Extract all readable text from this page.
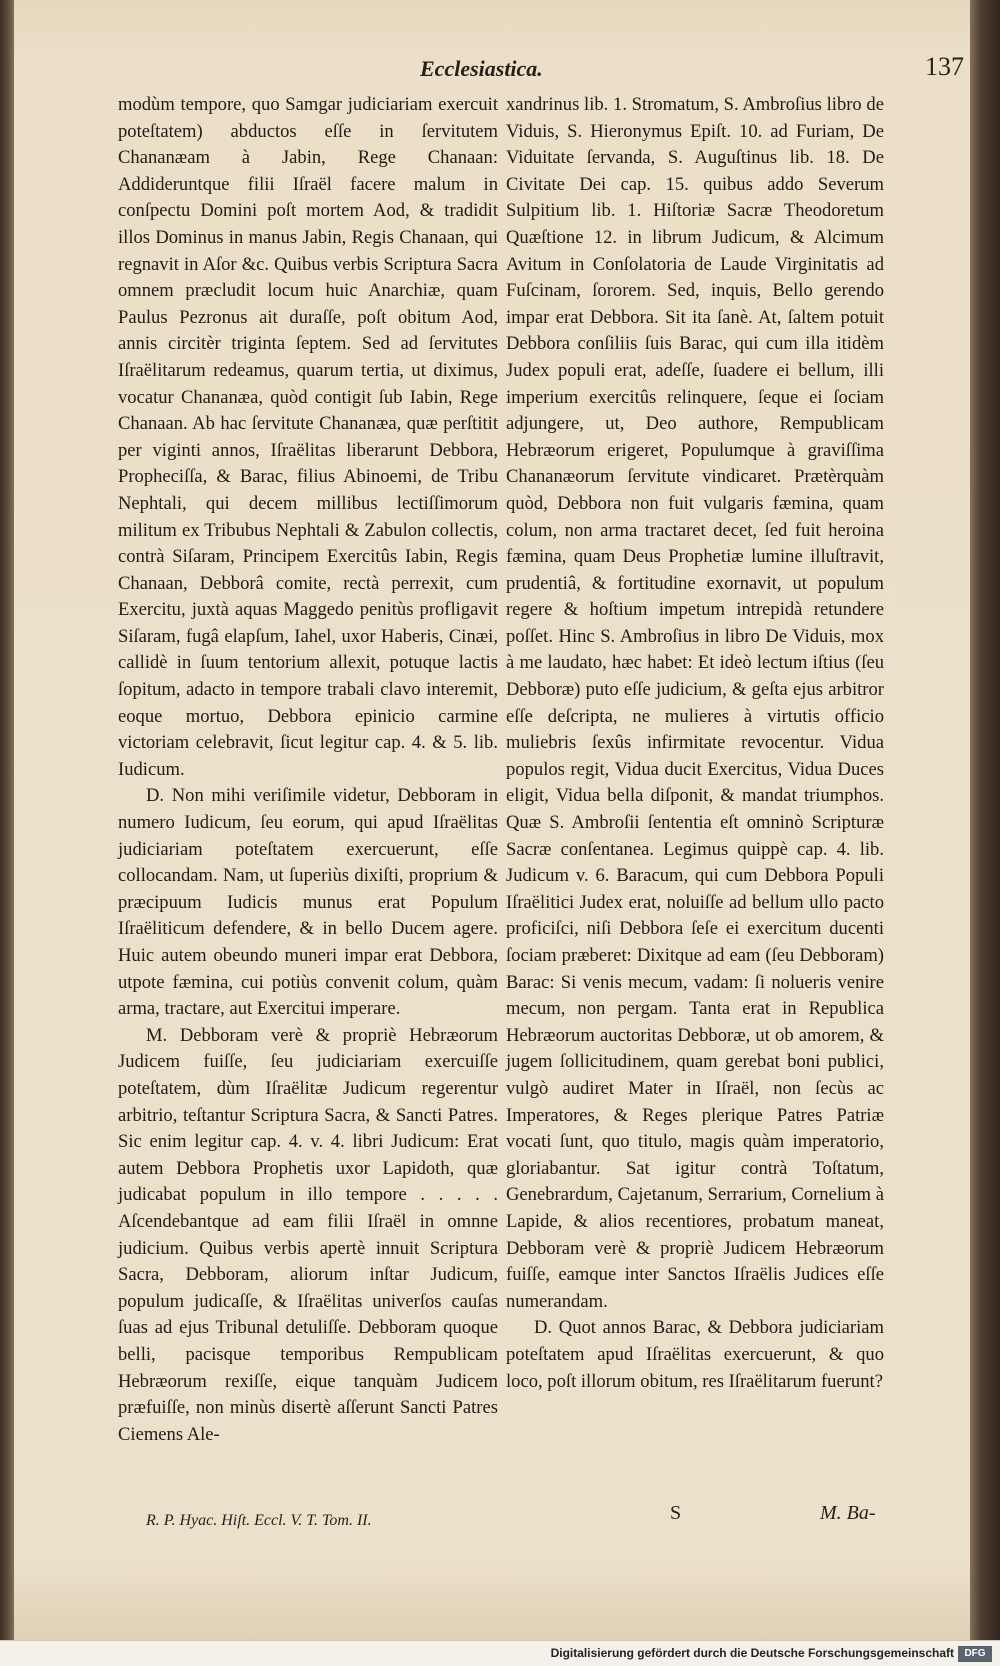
Ecclesiastica.	137

modùm tempore, quo Samgar judiciariam exercuit poteſtatem) abductos eſſe in ſervitutem Chananæam à Jabin, Rege Chanaan: Addideruntque filii Iſraël facere malum in conſpectu Domini poſt mortem Aod, & tradidit illos Dominus in manus Jabin, Regis Chanaan, qui regnavit in Aſor &c. Quibus verbis Scriptura Sacra omnem præcludit locum huic Anarchiæ, quam Paulus Pezronus ait duraſſe, poſt obitum Aod, annis circitèr triginta ſeptem. Sed ad ſervitutes Iſraëlitarum redeamus, quarum tertia, ut diximus, vocatur Chananæa, quòd contigit ſub Iabin, Rege Chanaan. Ab hac ſervitute Chananæa, quæ perſtitit per viginti annos, Iſraëlitas liberarunt Debbora, Propheciſſa, & Barac, filius Abinoemi, de Tribu Nephtali, qui decem millibus lectiſſimorum militum ex Tribubus Nephtali & Zabulon collectis, contrà Siſaram, Principem Exercitûs Iabin, Regis Chanaan, Debborâ comite, rectà perrexit, cum Exercitu, juxtà aquas Maggedo penitùs profligavit Siſaram, fugâ elapſum, Iahel, uxor Haberis, Cinæi, callidè in ſuum tentorium allexit, potuque lactis ſopitum, adacto in tempore trabali clavo interemit, eoque mortuo, Debbora epinicio carmine victoriam celebravit, ſicut legitur cap. 4. & 5. lib. Iudicum.

D. Non mihi veriſimile videtur, Debboram in numero Iudicum, ſeu eorum, qui apud Iſraëlitas judiciariam poteſtatem exercuerunt, eſſe collocandam. Nam, ut ſuperiùs dixiſti, proprium & præcipuum Iudicis munus erat Populum Iſraëliticum defendere, & in bello Ducem agere. Huic autem obeundo muneri impar erat Debbora, utpote fæmina, cui potiùs convenit colum, quàm arma, tractare, aut Exercitui imperare.

M. Debboram verè & propriè Hebræorum Judicem fuiſſe, ſeu judiciariam exercuiſſe poteſtatem, dùm Iſraëlitæ Judicum regerentur arbitrio, teſtantur Scriptura Sacra, & Sancti Patres. Sic enim legitur cap. 4. v. 4. libri Judicum: Erat autem Debbora Prophetis uxor Lapidoth, quæ judicabat populum in illo tempore . . . . . Aſcendebantque ad eam filii Iſraël in omnne judicium. Quibus verbis apertè innuit Scriptura Sacra, Debboram, aliorum inſtar Judicum, populum judicaſſe, & Iſraëlitas univerſos cauſas ſuas ad ejus Tribunal detuliſſe. Debboram quoque belli, pacisque temporibus Rempublicam Hebræorum rexiſſe, eique tanquàm Judicem præfuiſſe, non minùs disertè aſſerunt Sancti Patres Ciemens Ale-

xandrinus lib. 1. Stromatum, S. Ambroſius libro de Viduis, S. Hieronymus Epiſt. 10. ad Furiam, De Viduitate ſervanda, S. Auguſtinus lib. 18. De Civitate Dei cap. 15. quibus addo Severum Sulpitium lib. 1. Hiſtoriæ Sacræ Theodoretum Quæſtione 12. in librum Judicum, & Alcimum Avitum in Conſolatoria de Laude Virginitatis ad Fuſcinam, ſororem. Sed, inquis, Bello gerendo impar erat Debbora. Sit ita ſanè. At, ſaltem potuit Debbora conſiliis ſuis Barac, qui cum illa itidèm Judex populi erat, adeſſe, ſuadere ei bellum, illi imperium exercitûs relinquere, ſeque ei ſociam adjungere, ut, Deo authore, Rempublicam Hebræorum erigeret, Populumque à graviſſima Chananæorum ſervitute vindicaret. Prætèrquàm quòd, Debbora non fuit vulgaris fæmina, quam colum, non arma tractaret decet, ſed fuit heroina fæmina, quam Deus Prophetiæ lumine illuſtravit, prudentiâ, & fortitudine exornavit, ut populum regere & hoſtium impetum intrepidà retundere poſſet. Hinc S. Ambroſius in libro De Viduis, mox à me laudato, hæc habet: Et ideò lectum iſtius (ſeu Debboræ) puto eſſe judicium, & geſta ejus arbitror eſſe deſcripta, ne mulieres à virtutis officio muliebris ſexûs infirmitate revocentur. Vidua populos regit, Vidua ducit Exercitus, Vidua Duces eligit, Vidua bella diſponit, & mandat triumphos. Quæ S. Ambroſii ſententia eſt omninò Scripturæ Sacræ conſentanea. Legimus quippè cap. 4. lib. Judicum v. 6. Baracum, qui cum Debbora Populi Iſraëlitici Judex erat, noluiſſe ad bellum ullo pacto proficiſci, niſi Debbora ſeſe ei exercitum ducenti ſociam præberet: Dixitque ad eam (ſeu Debboram) Barac: Si venis mecum, vadam: ſi nolueris venire mecum, non pergam. Tanta erat in Republica Hebræorum auctoritas Debboræ, ut ob amorem, & jugem ſollicitudinem, quam gerebat boni publici, vulgò audiret Mater in Iſraël, non ſecùs ac Imperatores, & Reges plerique Patres Patriæ vocati ſunt, quo titulo, magis quàm imperatorio, gloriabantur. Sat igitur contrà Toſtatum, Genebrardum, Cajetanum, Serrarium, Cornelium à Lapide, & alios recentiores, probatum maneat, Debboram verè & propriè Judicem Hebræorum fuiſſe, eamque inter Sanctos Iſraëlis Judices eſſe numerandam.

D. Quot annos Barac, & Debbora judiciariam poteſtatem apud Iſraëlitas exercuerunt, & quo loco, poſt illorum obitum, res Iſraëlitarum fuerunt?

R. P. Hyac. Hiſt. Eccl. V. T. Tom. II.	S	M. Ba-
Digitalisierung gefördert durch die Deutsche Forschungsgemeinschaft	DFG
